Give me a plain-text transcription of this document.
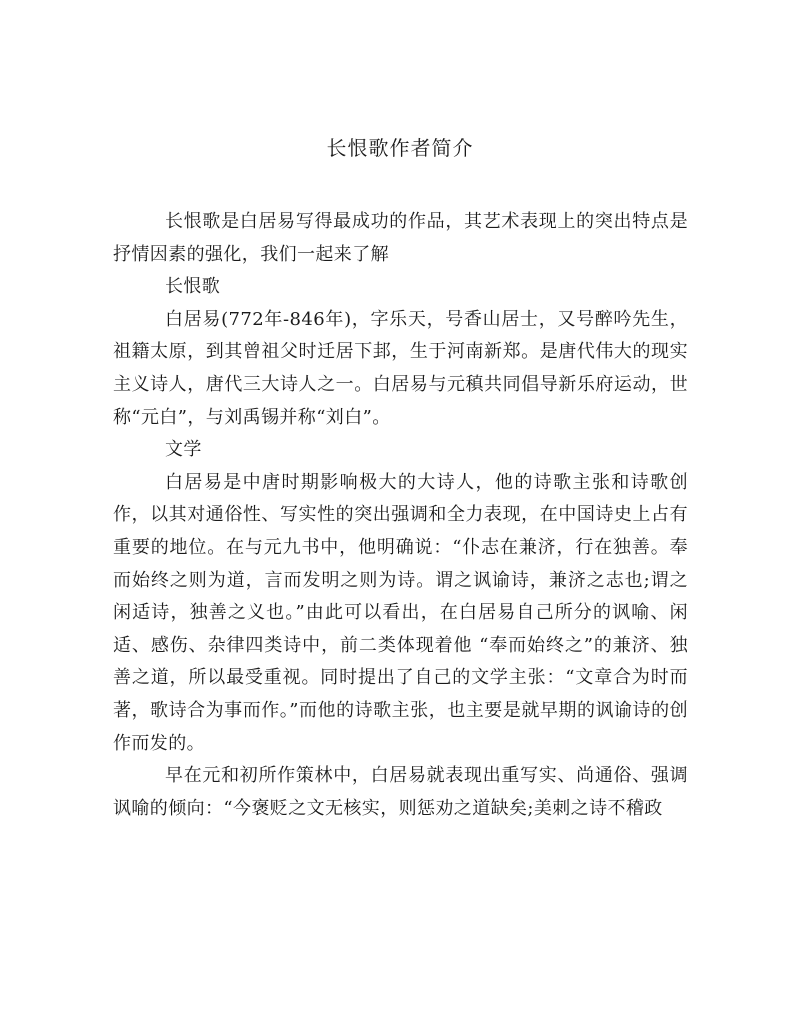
长恨歌作者简介

长恨歌是白居易写得最成功的作品，其艺术表现上的突出特点是抒情因素的强化，我们一起来了解

长恨歌

白居易(772年-846年)，字乐天，号香山居士，又号醉吟先生，祖籍太原，到其曾祖父时迁居下邽，生于河南新郑。是唐代伟大的现实主义诗人，唐代三大诗人之一。白居易与元稹共同倡导新乐府运动，世称“元白”，与刘禹锡并称“刘白”。

文学

白居易是中唐时期影响极大的大诗人，他的诗歌主张和诗歌创作，以其对通俗性、写实性的突出强调和全力表现，在中国诗史上占有重要的地位。在与元九书中，他明确说：“仆志在兼济，行在独善。奉而始终之则为道，言而发明之则为诗。谓之讽谕诗，兼济之志也;谓之闲适诗，独善之义也。”由此可以看出，在白居易自己所分的讽喻、闲适、感伤、杂律四类诗中，前二类体现着他 “奉而始终之”的兼济、独善之道，所以最受重视。同时提出了自己的文学主张：“文章合为时而著，歌诗合为事而作。”而他的诗歌主张，也主要是就早期的讽谕诗的创作而发的。

早在元和初所作策林中，白居易就表现出重写实、尚通俗、强调讽喻的倾向：“今褒贬之文无核实，则惩劝之道缺矣;美刺之诗不稽政
